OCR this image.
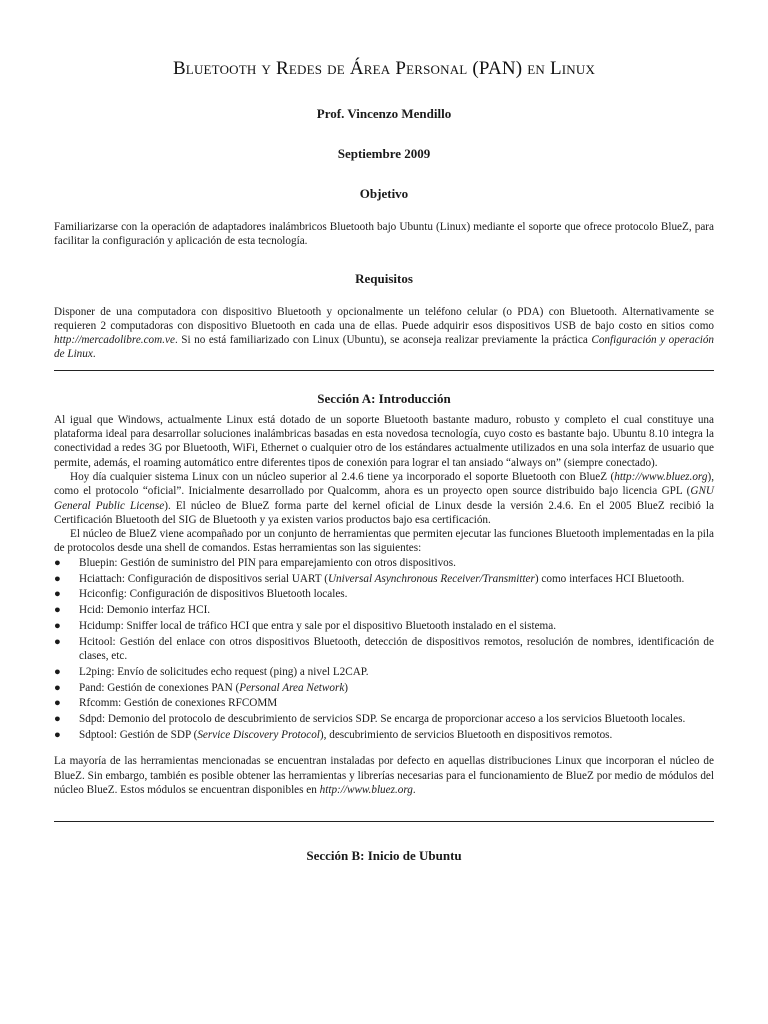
Bluetooth y Redes de Área Personal (PAN) en Linux
Prof. Vincenzo Mendillo
Septiembre 2009
Objetivo

Familiarizarse con la operación de adaptadores inalámbricos Bluetooth bajo Ubuntu (Linux) mediante el soporte que ofrece protocolo BlueZ, para facilitar la configuración y aplicación de esta tecnología.

Requisitos

Disponer de una computadora con dispositivo Bluetooth y opcionalmente un teléfono celular (o PDA) con Bluetooth. Alternativamente se requieren 2 computadoras con dispositivo Bluetooth en cada una de ellas. Puede adquirir esos dispositivos USB de bajo costo en sitios como http://mercadolibre.com.ve. Si no está familiarizado con Linux (Ubuntu), se aconseja realizar previamente la práctica Configuración y operación de Linux.

Sección A: Introducción

Al igual que Windows, actualmente Linux está dotado de un soporte Bluetooth bastante maduro, robusto y completo el cual constituye una plataforma ideal para desarrollar soluciones inalámbricas basadas en esta novedosa tecnología, cuyo costo es bastante bajo. Ubuntu 8.10 integra la conectividad a redes 3G por Bluetooth, WiFi, Ethernet o cualquier otro de los estándares actualmente utilizados en una sola interfaz de usuario que permite, además, el roaming automático entre diferentes tipos de conexión para lograr el tan ansiado “always on” (siempre conectado).

Hoy día cualquier sistema Linux con un núcleo superior al 2.4.6 tiene ya incorporado el soporte Bluetooth con BlueZ (http://www.bluez.org), como el protocolo “oficial”. Inicialmente desarrollado por Qualcomm, ahora es un proyecto open source distribuido bajo licencia GPL (GNU General Public License). El núcleo de BlueZ forma parte del kernel oficial de Linux desde la versión 2.4.6. En el 2005 BlueZ recibió la Certificación Bluetooth del SIG de Bluetooth y ya existen varios productos bajo esa certificación.

El núcleo de BlueZ viene acompañado por un conjunto de herramientas que permiten ejecutar las funciones Bluetooth implementadas en la pila de protocolos desde una shell de comandos. Estas herramientas son las siguientes:

●	Bluepin: Gestión de suministro del PIN para emparejamiento con otros dispositivos.
●	Hciattach: Configuración de dispositivos serial UART (Universal Asynchronous Receiver/Transmitter) como interfaces HCI Bluetooth.
●	Hciconfig: Configuración de dispositivos Bluetooth locales.
●	Hcid: Demonio interfaz HCI.
●	Hcidump: Sniffer local de tráfico HCI que entra y sale por el dispositivo Bluetooth instalado en el sistema.
●	Hcitool: Gestión del enlace con otros dispositivos Bluetooth, detección de dispositivos remotos, resolución de nombres, identificación de clases, etc.
●	L2ping: Envío de solicitudes echo request (ping) a nivel L2CAP.
●	Pand: Gestión de conexiones PAN (Personal Area Network)
●	Rfcomm: Gestión de conexiones RFCOMM
●	Sdpd: Demonio del protocolo de descubrimiento de servicios SDP. Se encarga de proporcionar acceso a los servicios Bluetooth locales.
●	Sdptool: Gestión de SDP (Service Discovery Protocol), descubrimiento de servicios Bluetooth en dispositivos remotos.

La mayoría de las herramientas mencionadas se encuentran instaladas por defecto en aquellas distribuciones Linux que incorporan el núcleo de BlueZ. Sin embargo, también es posible obtener las herramientas y librerías necesarias para el funcionamiento de BlueZ por medio de módulos del núcleo BlueZ. Estos módulos se encuentran disponibles en http://www.bluez.org.

Sección B: Inicio de Ubuntu
